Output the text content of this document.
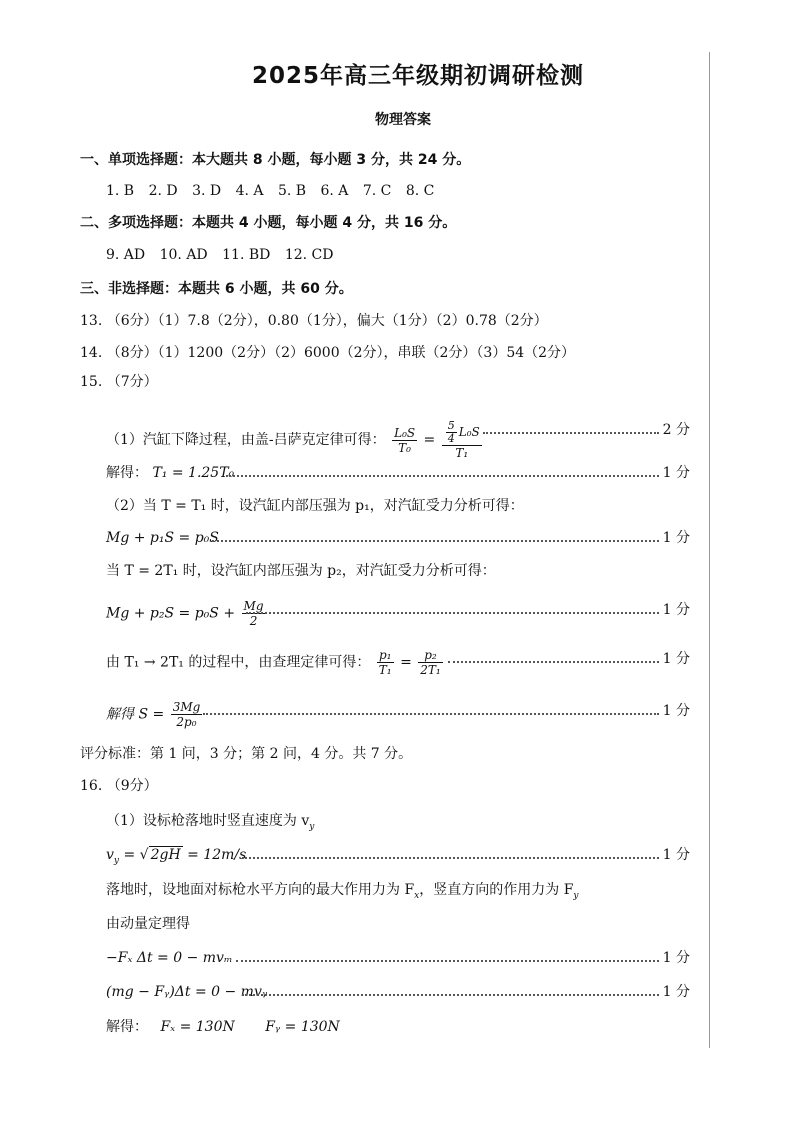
2025年高三年级期初调研检测
物理答案
一、单项选择题：本大题共 8 小题，每小题 3 分，共 24 分。
1. B 2. D 3. D 4. A 5. B 6. A 7. C 8. C
二、多项选择题：本题共 4 小题，每小题 4 分，共 16 分。
9. AD 10. AD 11. BD 12. CD
三、非选择题：本题共 6 小题，共 60 分。
13. （6分）（1）7.8（2分），0.80（1分），偏大（1分）（2）0.78（2分）
14. （8分）（1）1200（2分）（2）6000（2分），串联（2分）（3）54（2分）
15. （7分）
（1）汽缸下降过程，由盖-吕萨克定律可得： $\frac{\text{L₀S}}{\text{T₀}} = \frac{\frac{5}{4} L_0S}{\text{T₁}}$	2 分
解得： T₁ = 1.25T₀	1 分
（2）当 T = T₁ 时，设汽缸内部压强为 p₁，对汽缸受力分析可得：
Mg + p₁S = p₀S	1 分
当 T = 2T₁ 时，设汽缸内部压强为 p₂，对汽缸受力分析可得：
$Mg + p_2S = p_0S + \frac{Mg}{2}$	1 分
由 T₁ → 2T₁ 的过程中，由查理定律可得： $\frac{\text{p₁}}{\text{T₁}} = \frac{\text{p₂}}{\text{2T₁}}$	1 分
解得 $S = \frac{3Mg}{\text{2p₀}}$	1 分
评分标准：第 1 问，3 分；第 2 问，4 分。共 7 分。
16. （9分）
（1）设标枪落地时竖直速度为 $v_y$
$v_y$ = √ 2gH = 12m/s	1 分
落地时，设地面对标枪水平方向的最大作用力为 $F_x$，竖直方向的作用力为 $F_y$
由动量定理得
−Fₓ Δt = 0 − mvₘ	1 分
(mg − Fᵧ)Δt = 0 − mvᵧ	1 分
解得： Fₓ = 130N Fᵧ = 130N
